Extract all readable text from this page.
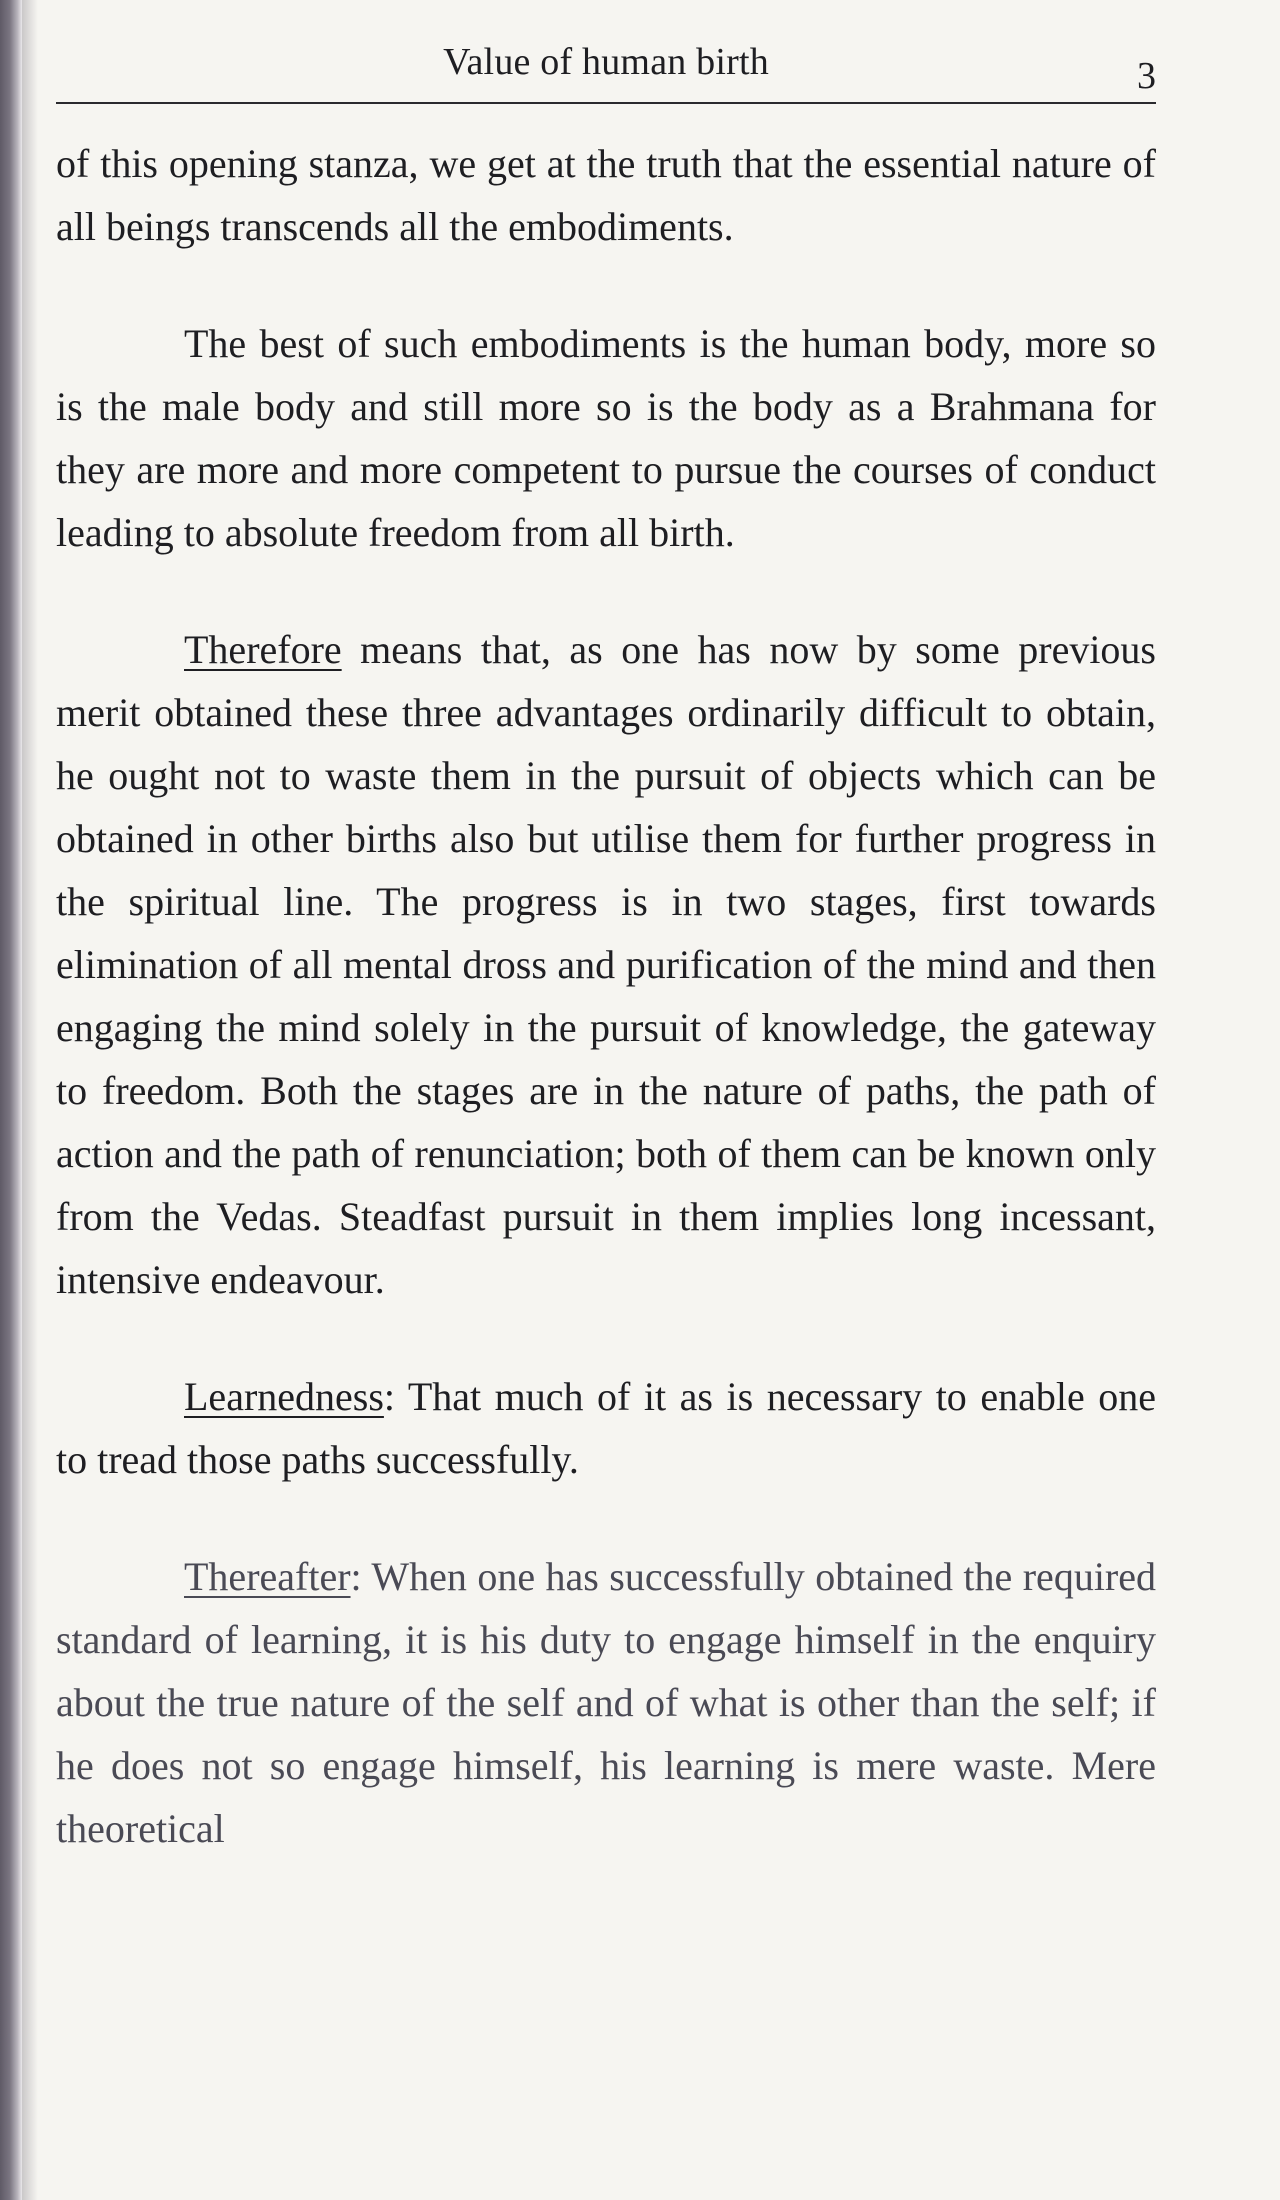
Value of human birth	3

of this opening stanza, we get at the truth that the essential nature of all beings transcends all the embodiments.

The best of such embodiments is the human body, more so is the male body and still more so is the body as a Brahmana for they are more and more competent to pursue the courses of conduct leading to absolute freedom from all birth.

Therefore means that, as one has now by some previous merit obtained these three advantages ordinarily difficult to obtain, he ought not to waste them in the pursuit of objects which can be obtained in other births also but utilise them for further progress in the spiritual line. The progress is in two stages, first towards elimination of all mental dross and purification of the mind and then engaging the mind solely in the pursuit of knowledge, the gateway to freedom. Both the stages are in the nature of paths, the path of action and the path of renunciation; both of them can be known only from the Vedas. Steadfast pursuit in them implies long incessant, intensive endeavour.

Learnedness: That much of it as is necessary to enable one to tread those paths successfully.

Thereafter: When one has successfully obtained the required standard of learning, it is his duty to engage himself in the enquiry about the true nature of the self and of what is other than the self; if he does not so engage himself, his learning is mere waste. Mere theoretical
